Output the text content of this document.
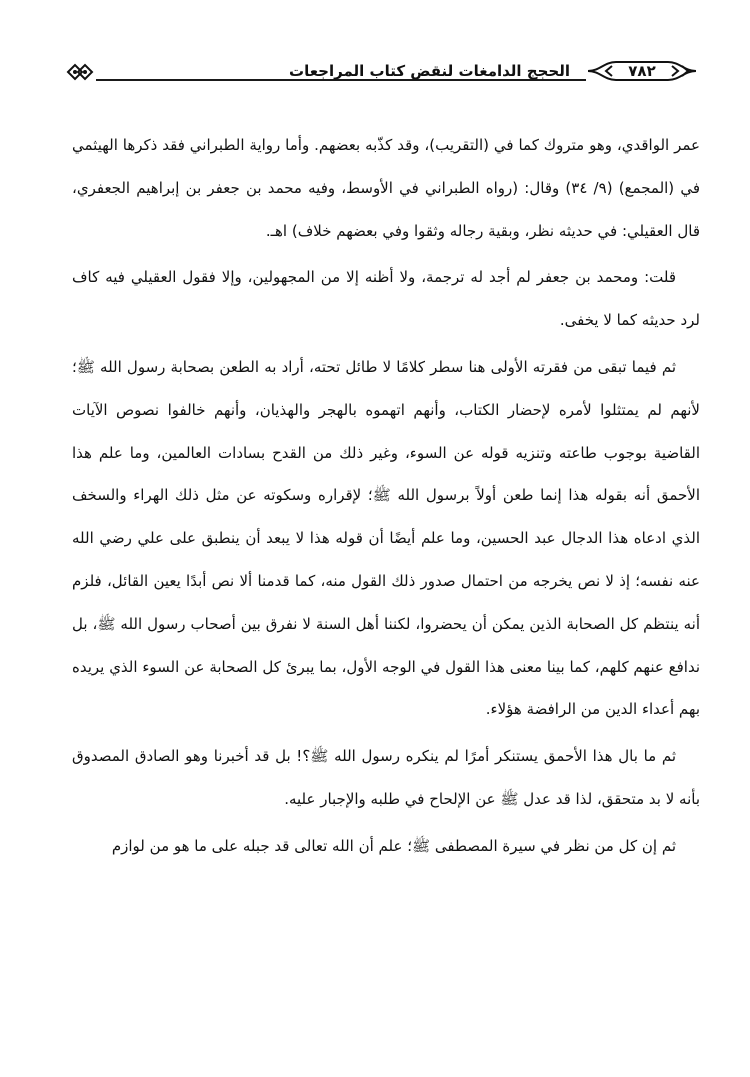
الحجج الدامغات لنقض كتاب المراجعات	٧٨٢

عمر الواقدي، وهو متروك كما في (التقريب)، وقد كذّبه بعضهم. وأما رواية الطبراني فقد ذكرها الهيثمي في (المجمع) (٩/ ٣٤) وقال: (رواه الطبراني في الأوسط، وفيه محمد بن جعفر بن إبراهيم الجعفري، قال العقيلي: في حديثه نظر، وبقية رجاله وثقوا وفي بعضهم خلاف) اهـ.

قلت: ومحمد بن جعفر لم أجد له ترجمة، ولا أظنه إلا من المجهولين، وإلا فقول العقيلي فيه كاف لرد حديثه كما لا يخفى.

ثم فيما تبقى من فقرته الأولى هنا سطر كلامًا لا طائل تحته، أراد به الطعن بصحابة رسول الله ﷺ؛ لأنهم لم يمتثلوا لأمره لإحضار الكتاب، وأنهم اتهموه بالهجر والهذيان، وأنهم خالفوا نصوص الآيات القاضية بوجوب طاعته وتنزيه قوله عن السوء، وغير ذلك من القدح بسادات العالمين، وما علم هذا الأحمق أنه بقوله هذا إنما طعن أولاً برسول الله ﷺ؛ لإقراره وسكوته عن مثل ذلك الهراء والسخف الذي ادعاه هذا الدجال عبد الحسين، وما علم أيضًا أن قوله هذا لا يبعد أن ينطبق على علي رضي الله عنه نفسه؛ إذ لا نص يخرجه من احتمال صدور ذلك القول منه، كما قدمنا ألا نص أبدًا يعين القائل، فلزم أنه ينتظم كل الصحابة الذين يمكن أن يحضروا، لكننا أهل السنة لا نفرق بين أصحاب رسول الله ﷺ، بل ندافع عنهم كلهم، كما بينا معنى هذا القول في الوجه الأول، بما يبرئ كل الصحابة عن السوء الذي يريده بهم أعداء الدين من الرافضة هؤلاء.

ثم ما بال هذا الأحمق يستنكر أمرًا لم ينكره رسول الله ﷺ؟! بل قد أخبرنا وهو الصادق المصدوق بأنه لا بد متحقق، لذا قد عدل ﷺ عن الإلحاح في طلبه والإجبار عليه.

ثم إن كل من نظر في سيرة المصطفى ﷺ؛ علم أن الله تعالى قد جبله على ما هو من لوازم
